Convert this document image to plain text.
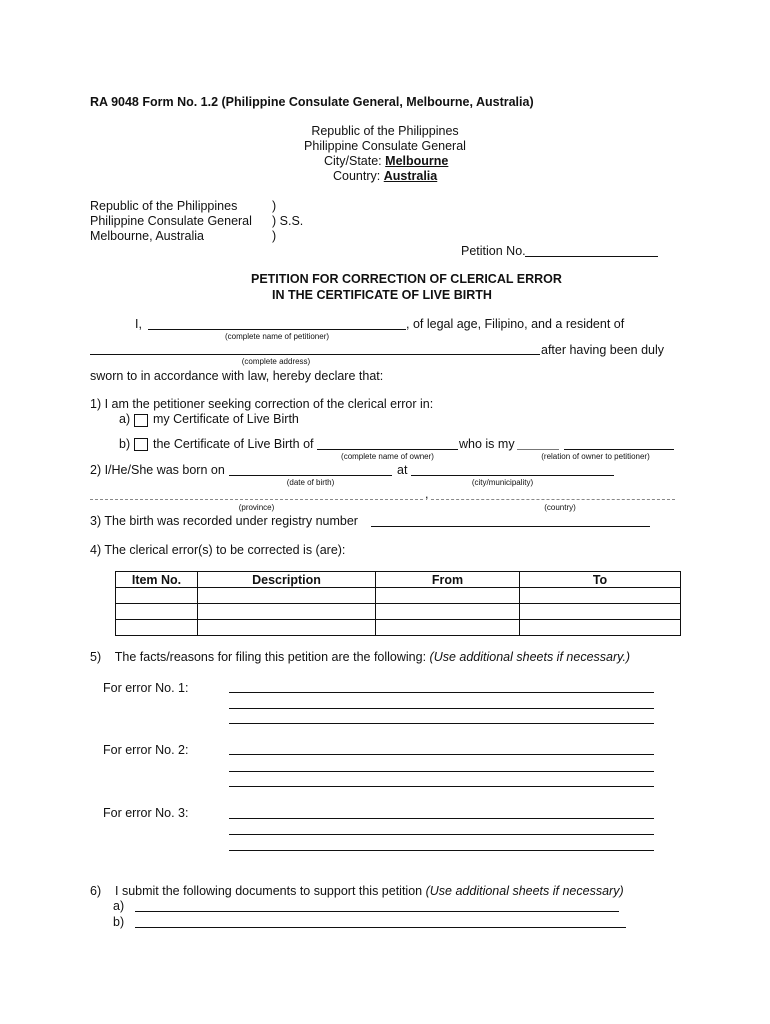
RA 9048 Form No. 1.2 (Philippine Consulate General, Melbourne, Australia)
Republic of the Philippines
Philippine Consulate General
City/State: Melbourne
Country: Australia
Republic of the Philippines
Philippine Consulate General
Melbourne, Australia
)
) S.S.
)
Petition No.
PETITION FOR CORRECTION OF CLERICAL ERROR
IN THE CERTIFICATE OF LIVE BIRTH
I,	, of legal age, Filipino, and a resident of
(complete name of petitioner)
after having been duly
(complete address)
sworn to in accordance with law, hereby declare that:
1) I am the petitioner seeking correction of the clerical error in:
a) my Certificate of Live Birth
b) the Certificate of Live Birth of	who is my
(complete name of owner)	(relation of owner to petitioner)
2) I/He/She was born on	at
(date of birth)	(city/municipality)
,
(province)	(country)
3) The birth was recorded under registry number
4) The clerical error(s) to be corrected is (are):
Item No.	Description	From	To

5)    The facts/reasons for filing this petition are the following: (Use additional sheets if necessary.)
For error No. 1:
For error No. 2:
For error No. 3:
6)    I submit the following documents to support this petition (Use additional sheets if necessary)
a)
b)
